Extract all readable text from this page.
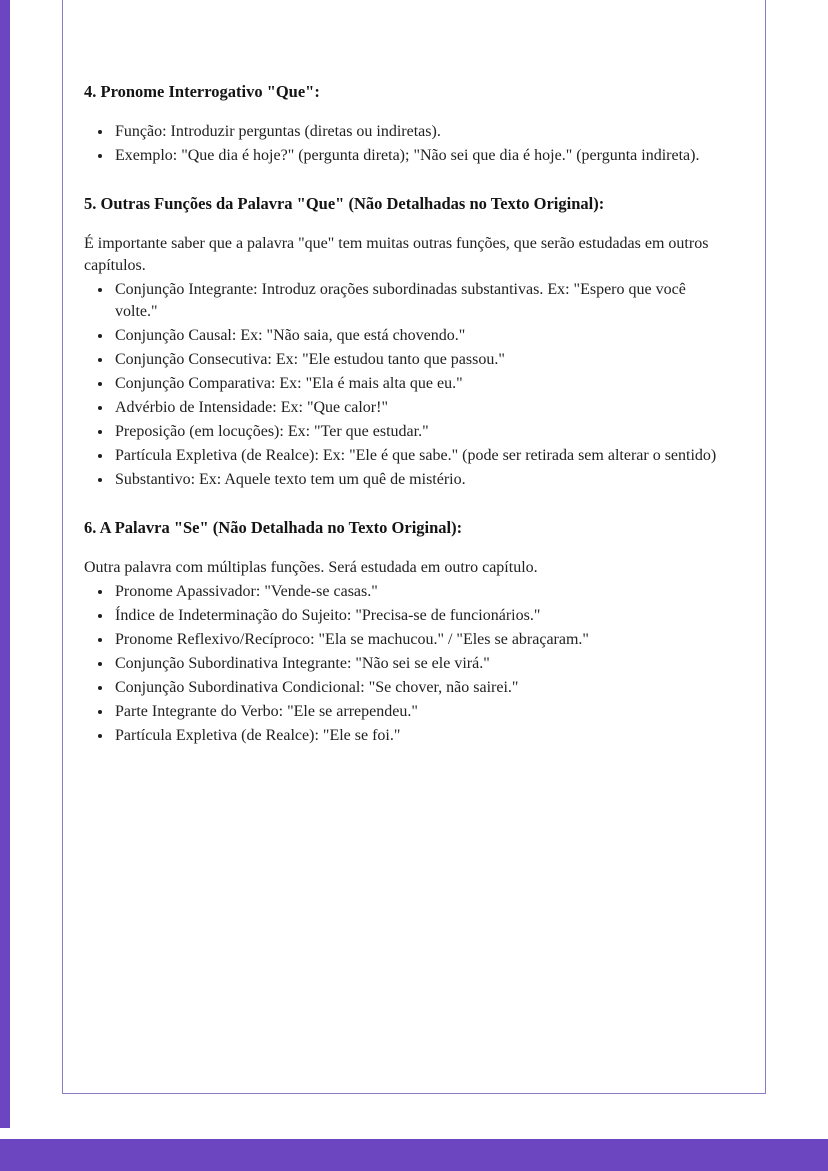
4. Pronome Interrogativo "Que":
• Função: Introduzir perguntas (diretas ou indiretas).
• Exemplo: "Que dia é hoje?" (pergunta direta); "Não sei que dia é hoje." (pergunta indireta).
5. Outras Funções da Palavra "Que" (Não Detalhadas no Texto Original):

É importante saber que a palavra "que" tem muitas outras funções, que serão estudadas em outros capítulos.

• Conjunção Integrante: Introduz orações subordinadas substantivas. Ex: "Espero que você volte."
• Conjunção Causal: Ex: "Não saia, que está chovendo."
• Conjunção Consecutiva: Ex: "Ele estudou tanto que passou."
• Conjunção Comparativa: Ex: "Ela é mais alta que eu."
• Advérbio de Intensidade: Ex: "Que calor!"
• Preposição (em locuções): Ex: "Ter que estudar."
• Partícula Expletiva (de Realce): Ex: "Ele é que sabe." (pode ser retirada sem alterar o sentido)
• Substantivo: Ex: Aquele texto tem um quê de mistério.
6. A Palavra "Se" (Não Detalhada no Texto Original):

Outra palavra com múltiplas funções. Será estudada em outro capítulo.

• Pronome Apassivador: "Vende-se casas."
• Índice de Indeterminação do Sujeito: "Precisa-se de funcionários."
• Pronome Reflexivo/Recíproco: "Ela se machucou." / "Eles se abraçaram."
• Conjunção Subordinativa Integrante: "Não sei se ele virá."
• Conjunção Subordinativa Condicional: "Se chover, não sairei."
• Parte Integrante do Verbo: "Ele se arrependeu."
• Partícula Expletiva (de Realce): "Ele se foi."
